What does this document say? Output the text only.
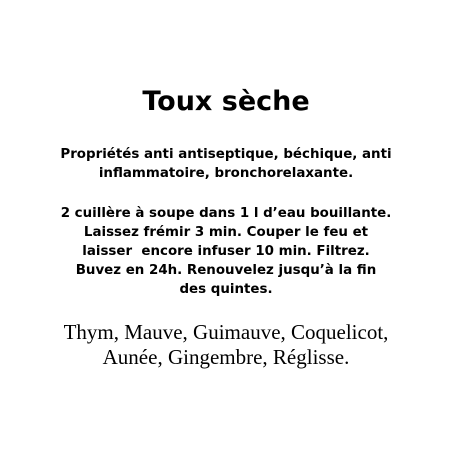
Toux sèche
Propriétés anti antiseptique, béchique, anti
inflammatoire, bronchorelaxante.
2 cuillère à soupe dans 1 l d’eau bouillante.
Laissez frémir 3 min. Couper le feu et
laisser  encore infuser 10 min. Filtrez.
Buvez en 24h. Renouvelez jusqu’à la fin
des quintes.
Thym, Mauve, Guimauve, Coquelicot,
Aunée, Gingembre, Réglisse.
